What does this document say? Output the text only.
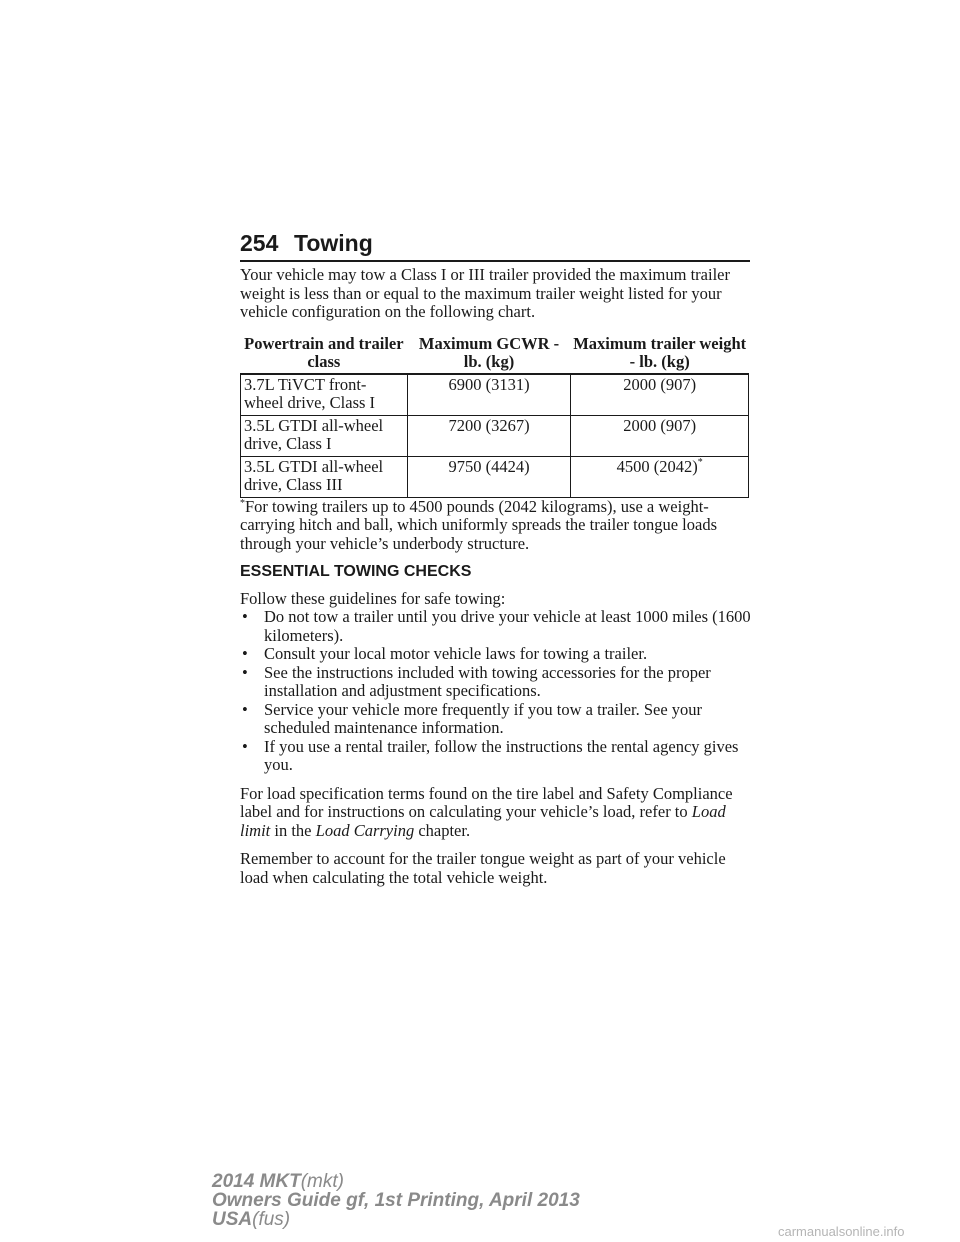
254 Towing

Your vehicle may tow a Class I or III trailer provided the maximum trailer weight is less than or equal to the maximum trailer weight listed for your vehicle configuration on the following chart.

Powertrain and trailer class	Maximum GCWR - lb. (kg)	Maximum trailer weight - lb. (kg)
3.7L TiVCT front-wheel drive, Class I	6900 (3131)	2000 (907)
3.5L GTDI all-wheel drive, Class I	7200 (3267)	2000 (907)
3.5L GTDI all-wheel drive, Class III	9750 (4424)	4500 (2042)*

*For towing trailers up to 4500 pounds (2042 kilograms), use a weight-carrying hitch and ball, which uniformly spreads the trailer tongue loads through your vehicle’s underbody structure.

ESSENTIAL TOWING CHECKS

Follow these guidelines for safe towing:

• Do not tow a trailer until you drive your vehicle at least 1000 miles (1600 kilometers).
• Consult your local motor vehicle laws for towing a trailer.
• See the instructions included with towing accessories for the proper installation and adjustment specifications.
• Service your vehicle more frequently if you tow a trailer. See your scheduled maintenance information.
• If you use a rental trailer, follow the instructions the rental agency gives you.

For load specification terms found on the tire label and Safety Compliance label and for instructions on calculating your vehicle’s load, refer to Load limit in the Load Carrying chapter.

Remember to account for the trailer tongue weight as part of your vehicle load when calculating the total vehicle weight.

2014 MKT(mkt)
Owners Guide gf, 1st Printing, April 2013
USA(fus)
carmanualsonline.info
